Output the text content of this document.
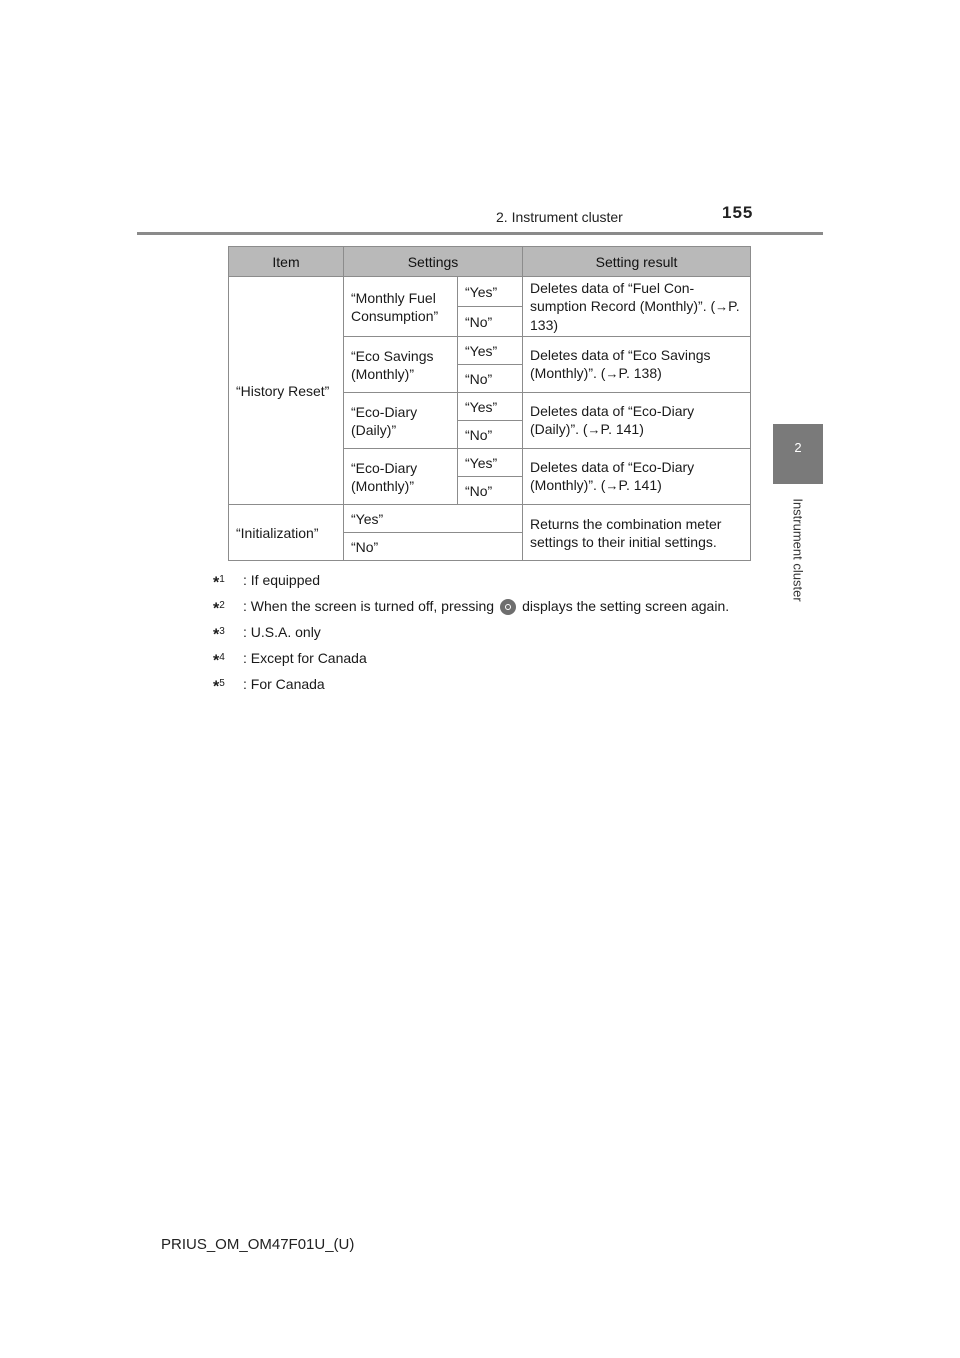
2. Instrument cluster	155
2
Instrument cluster
Item	Settings		Setting result
“History Reset”	“Monthly Fuel Consumption”	“Yes”	Deletes data of “Fuel Con-sumption Record (Monthly)”. (→P. 133)
		“No”	
	“Eco Savings (Monthly)”	“Yes”	Deletes data of “Eco Savings (Monthly)”. (→P. 138)
		“No”	
	“Eco-Diary (Daily)”	“Yes”	Deletes data of “Eco-Diary (Daily)”. (→P. 141)
		“No”	
	“Eco-Diary (Monthly)”	“Yes”	Deletes data of “Eco-Diary (Monthly)”. (→P. 141)
		“No”	
“Initialization”	“Yes”		Returns the combination meter settings to their initial settings.
	“No”		
*$^1$ : If equipped
*$^2$ : When the screen is turned off, pressing displays the setting screen again.
*$^3$ : U.S.A. only
*$^4$ : Except for Canada
*$^5$ : For Canada
PRIUS_OM_OM47F01U_(U)
